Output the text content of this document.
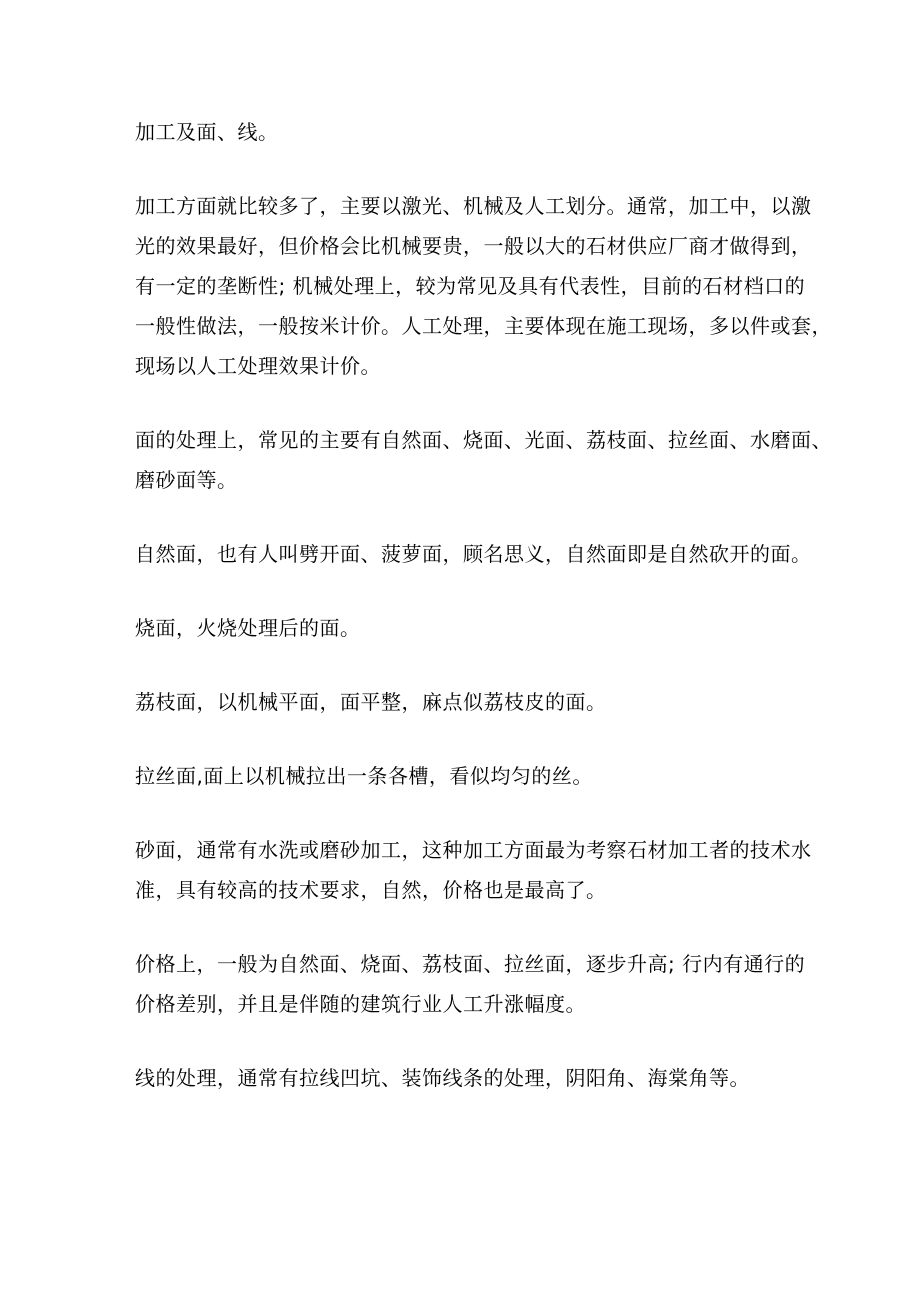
加工及面、线。

加工方面就比较多了，主要以激光、机械及人工划分。通常，加工中，以激
光的效果最好，但价格会比机械要贵，一般以大的石材供应厂商才做得到，
有一定的垄断性; 机械处理上，较为常见及具有代表性，目前的石材档口的
一般性做法，一般按米计价。人工处理，主要体现在施工现场，多以件或套，
现场以人工处理效果计价。

面的处理上，常见的主要有自然面、烧面、光面、荔枝面、拉丝面、水磨面、
磨砂面等。

自然面，也有人叫劈开面、菠萝面，顾名思义，自然面即是自然砍开的面。

烧面，火烧处理后的面。

荔枝面，以机械平面，面平整，麻点似荔枝皮的面。

拉丝面,面上以机械拉出一条各槽，看似均匀的丝。

砂面，通常有水洗或磨砂加工，这种加工方面最为考察石材加工者的技术水
准，具有较高的技术要求，自然，价格也是最高了。

价格上，一般为自然面、烧面、荔枝面、拉丝面，逐步升高; 行内有通行的
价格差别，并且是伴随的建筑行业人工升涨幅度。

线的处理，通常有拉线凹坑、装饰线条的处理，阴阳角、海棠角等。
